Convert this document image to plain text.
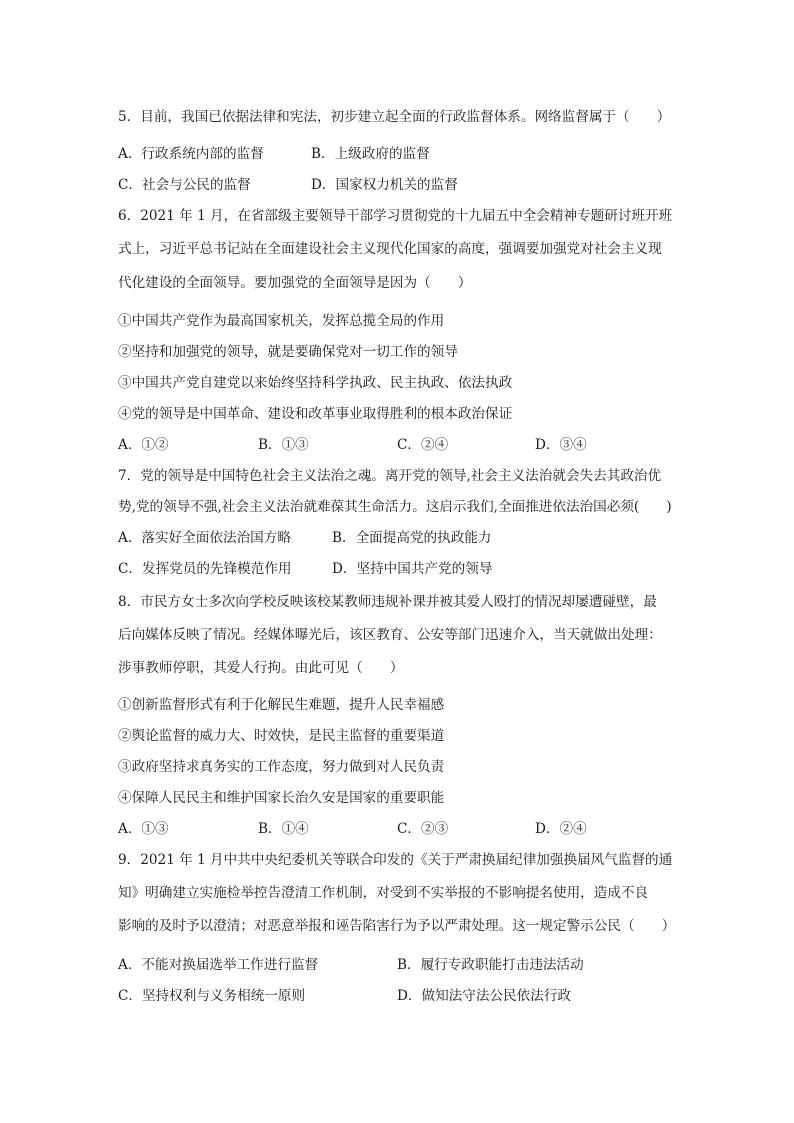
5．目前，我国已依据法律和宪法，初步建立起全面的行政监督体系。网络监督属于（　　）
A．行政系统内部的监督	B．上级政府的监督
C．社会与公民的监督	D．国家权力机关的监督
6．2021 年 1 月，在省部级主要领导干部学习贯彻党的十九届五中全会精神专题研讨班开班
式上，习近平总书记站在全面建设社会主义现代化国家的高度，强调要加强党对社会主义现
代化建设的全面领导。要加强党的全面领导是因为（　　）
①中国共产党作为最高国家机关，发挥总揽全局的作用
②坚持和加强党的领导，就是要确保党对一切工作的领导
③中国共产党自建党以来始终坚持科学执政、民主执政、依法执政
④党的领导是中国革命、建设和改革事业取得胜利的根本政治保证
A．①②	B．①③	C．②④	D．③④
7．党的领导是中国特色社会主义法治之魂。离开党的领导,社会主义法治就会失去其政治优
势,党的领导不强,社会主义法治就难葆其生命活力。这启示我们,全面推进依法治国必须(　　)
A．落实好全面依法治国方略	B．全面提高党的执政能力
C．发挥党员的先锋模范作用	D．坚持中国共产党的领导
8．市民方女士多次向学校反映该校某教师违规补课并被其爱人殴打的情况却屡遭碰壁，最
后向媒体反映了情况。经媒体曝光后，该区教育、公安等部门迅速介入，当天就做出处理：
涉事教师停职，其爱人行拘。由此可见（　　）
①创新监督形式有利于化解民生难题，提升人民幸福感
②舆论监督的威力大、时效快，是民主监督的重要渠道
③政府坚持求真务实的工作态度，努力做到对人民负责
④保障人民民主和维护国家长治久安是国家的重要职能
A．①③	B．①④	C．②③	D．②④
9．2021 年 1 月中共中央纪委机关等联合印发的《关于严肃换届纪律加强换届风气监督的通
知》明确建立实施检举控告澄清工作机制，对受到不实举报的不影响提名使用，造成不良
影响的及时予以澄清；对恶意举报和诬告陷害行为予以严肃处理。这一规定警示公民（　　）
A．不能对换届选举工作进行监督	B．履行专政职能打击违法活动
C．坚持权利与义务相统一原则	D．做知法守法公民依法行政
